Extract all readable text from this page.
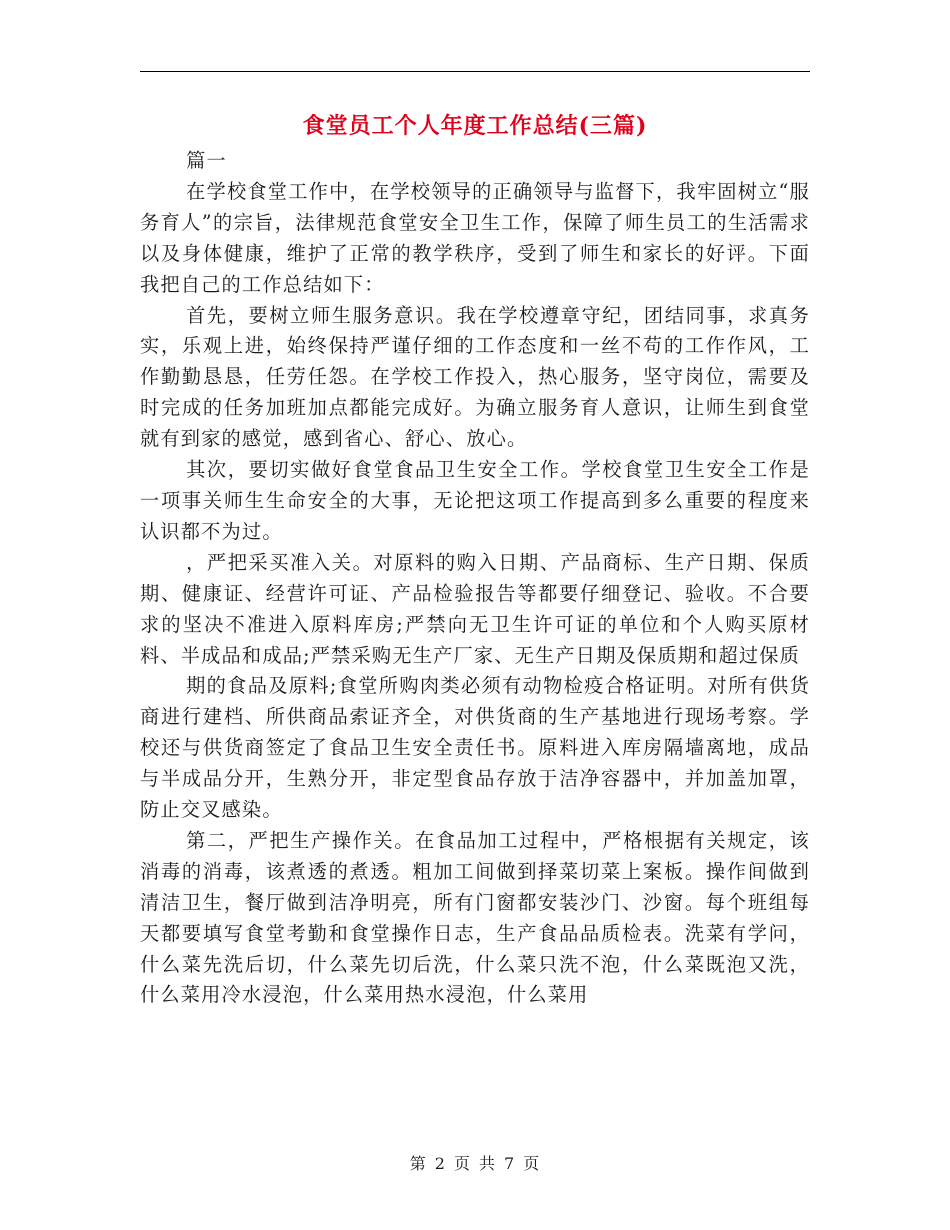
食堂员工个人年度工作总结(三篇)

篇一

在学校食堂工作中，在学校领导的正确领导与监督下，我牢固树立“服务育人”的宗旨，法律规范食堂安全卫生工作，保障了师生员工的生活需求以及身体健康，维护了正常的教学秩序，受到了师生和家长的好评。下面我把自己的工作总结如下：

首先，要树立师生服务意识。我在学校遵章守纪，团结同事，求真务实，乐观上进，始终保持严谨仔细的工作态度和一丝不苟的工作作风，工作勤勤恳恳，任劳任怨。在学校工作投入，热心服务，坚守岗位，需要及时完成的任务加班加点都能完成好。为确立服务育人意识，让师生到食堂就有到家的感觉，感到省心、舒心、放心。

其次，要切实做好食堂食品卫生安全工作。学校食堂卫生安全工作是一项事关师生生命安全的大事，无论把这项工作提高到多么重要的程度来认识都不为过。

，严把采买准入关。对原料的购入日期、产品商标、生产日期、保质期、健康证、经营许可证、产品检验报告等都要仔细登记、验收。不合要求的坚决不准进入原料库房;严禁向无卫生许可证的单位和个人购买原材料、半成品和成品;严禁采购无生产厂家、无生产日期及保质期和超过保质

期的食品及原料;食堂所购肉类必须有动物检疫合格证明。对所有供货商进行建档、所供商品索证齐全，对供货商的生产基地进行现场考察。学校还与供货商签定了食品卫生安全责任书。原料进入库房隔墙离地，成品与半成品分开，生熟分开，非定型食品存放于洁净容器中，并加盖加罩，防止交叉感染。

第二，严把生产操作关。在食品加工过程中，严格根据有关规定，该消毒的消毒，该煮透的煮透。粗加工间做到择菜切菜上案板。操作间做到清洁卫生，餐厅做到洁净明亮，所有门窗都安装沙门、沙窗。每个班组每天都要填写食堂考勤和食堂操作日志，生产食品品质检表。洗菜有学问，什么菜先洗后切，什么菜先切后洗，什么菜只洗不泡，什么菜既泡又洗，什么菜用冷水浸泡，什么菜用热水浸泡，什么菜用

第 2 页 共 7 页
